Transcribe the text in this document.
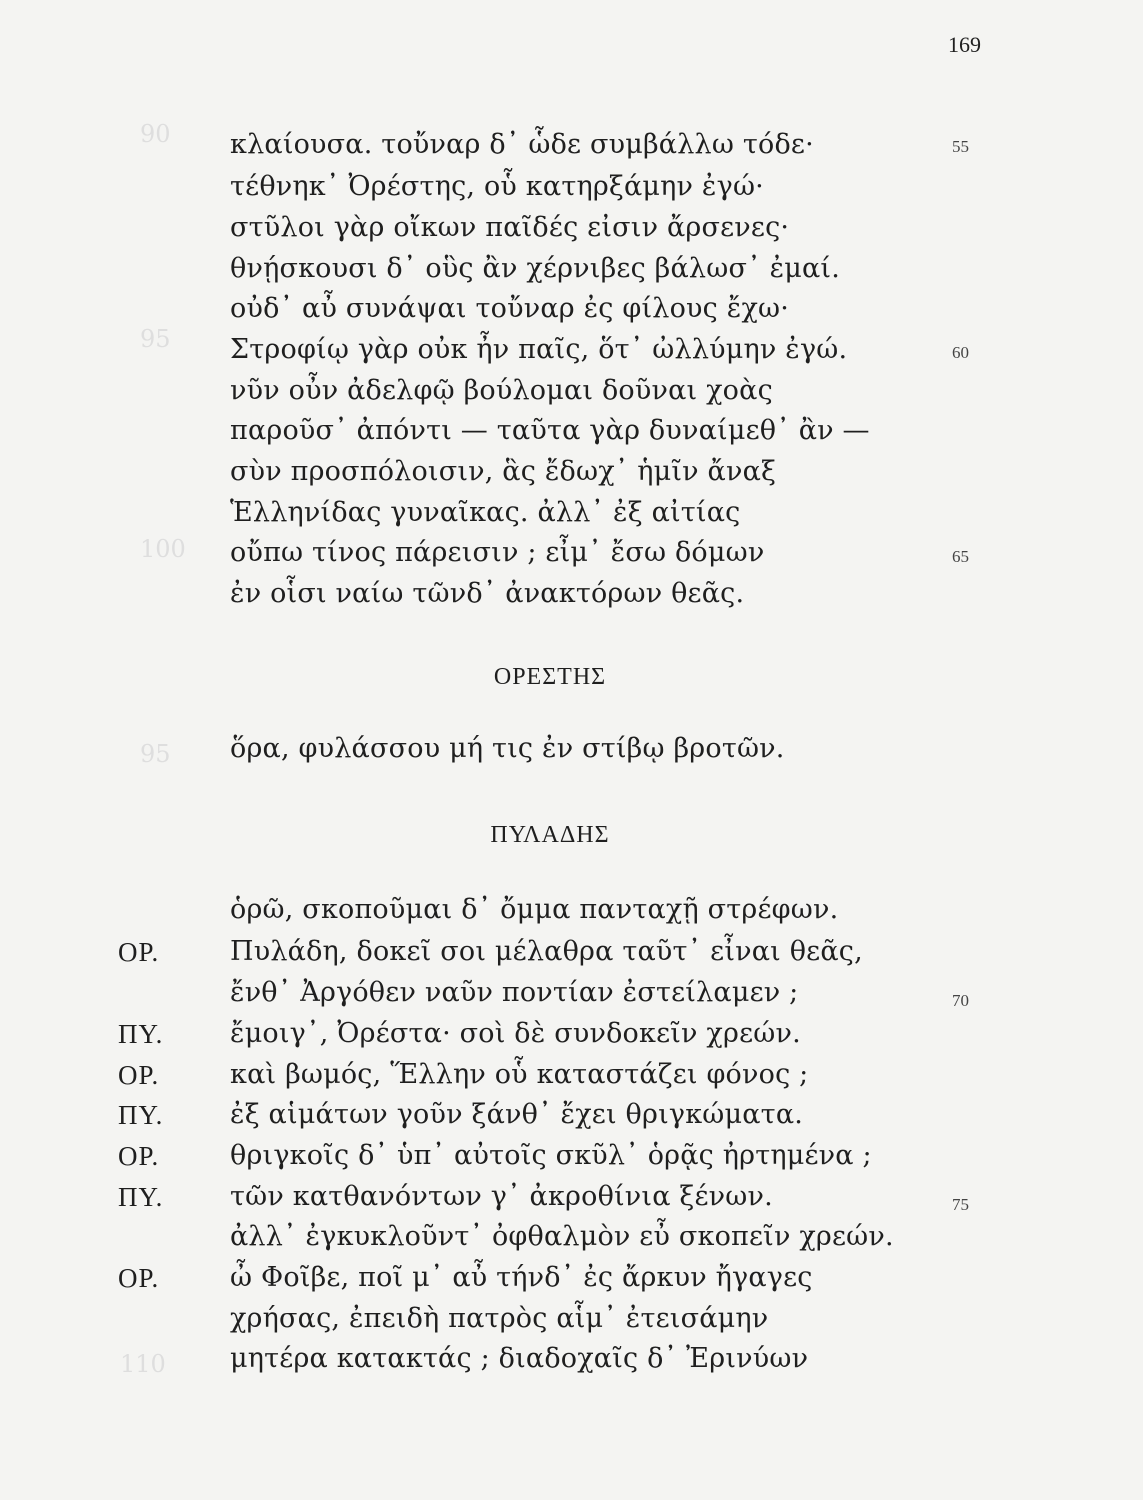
90
95
100
95
110
169
κλαίουσα. τοὔναρ δ᾽ ὧδε συμβάλλω τόδε·	55
τέθνηκ᾽ Ὀρέστης, οὗ κατηρξάμην ἐγώ·
στῦλοι γὰρ οἴκων παῖδές εἰσιν ἄρσενες·
θνῄσκουσι δ᾽ οὓς ἂν χέρνιβες βάλωσ᾽ ἐμαί.
οὐδ᾽ αὖ συνάψαι τοὔναρ ἐς φίλους ἔχω·
Στροφίῳ γὰρ οὐκ ἦν παῖς, ὅτ᾽ ὠλλύμην ἐγώ.	60
νῦν οὖν ἀδελφῷ βούλομαι δοῦναι χοὰς
παροῦσ᾽ ἀπόντι — ταῦτα γὰρ δυναίμεθ᾽ ἂν —
σὺν προσπόλοισιν, ἃς ἔδωχ᾽ ἡμῖν ἄναξ
Ἑλληνίδας γυναῖκας. ἀλλ᾽ ἐξ αἰτίας
οὔπω τίνος πάρεισιν ; εἶμ᾽ ἔσω δόμων	65
ἐν οἷσι ναίω τῶνδ᾽ ἀνακτόρων θεᾶς.
ΟΡΕΣΤΗΣ
ὅρα, φυλάσσου μή τις ἐν στίβῳ βροτῶν.
ΠΥΛΑΔΗΣ
ὁρῶ, σκοποῦμαι δ᾽ ὄμμα πανταχῇ στρέφων.
ΟΡ.	Πυλάδη, δοκεῖ σοι μέλαθρα ταῦτ᾽ εἶναι θεᾶς,
ἔνθ᾽ Ἀργόθεν ναῦν ποντίαν ἐστείλαμεν ;	70
ΠΥ. ἔμοιγ᾽, Ὀρέστα· σοὶ δὲ συνδοκεῖν χρεών.
ΟΡ.	καὶ βωμός, Ἕλλην οὗ καταστάζει φόνος ;
ΠΥ. ἐξ αἱμάτων γοῦν ξάνθ᾽ ἔχει θριγκώματα.
ΟΡ.	θριγκοῖς δ᾽ ὑπ᾽ αὐτοῖς σκῦλ᾽ ὁρᾷς ἠρτημένα ;
ΠΥ. τῶν κατθανόντων γ᾽ ἀκροθίνια ξένων.	75
ἀλλ᾽ ἐγκυκλοῦντ᾽ ὀφθαλμὸν εὖ σκοπεῖν χρεών.
ΟΡ.	ὦ Φοῖβε, ποῖ μ᾽ αὖ τήνδ᾽ ἐς ἄρκυν ἤγαγες
χρήσας, ἐπειδὴ πατρὸς αἷμ᾽ ἐτεισάμην
μητέρα κατακτάς ; διαδοχαῖς δ᾽ Ἐρινύων
